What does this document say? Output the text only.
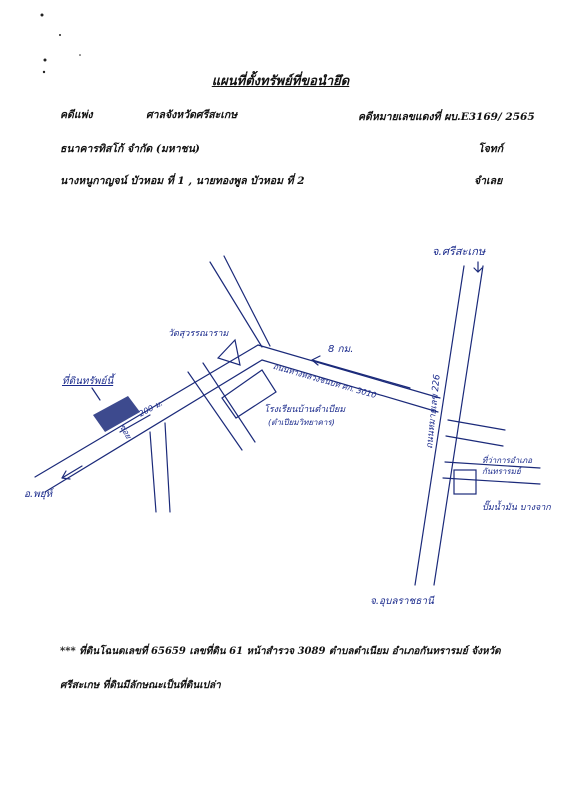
แผนที่ตั้งทรัพย์ที่ขอนำยึด
คดีแพ่ง	ศาลจังหวัดศรีสะเกษ	คดีหมายเลขแดงที่ ผบ.E3169/ 2565
ธนาคารทิสโก้ จำกัด (มหาชน)	โจทก์
นางหนูกาญจน์ บัวหอม ที่ 1 , นายทองพูล บัวหอม ที่ 2	จำเลย
จ.ศรีสะเกษ
วัดสุวรรณาราม
8 กม.
ถนนทางหลวงชนบท ศก. 3010
โรงเรียนบ้านตำเบียม
(ตำเปียมวิทยาคาร)
ที่ดินทรัพย์นี้
200 ม.
ซอย
อ.พยุห์
ถนนหมายเลข 226
ที่ว่าการอำเภอกันทรารมย์
ปั๊มน้ำมัน บางจาก
จ.อุบลราชธานี
*** ที่ดินโฉนดเลขที่ 65659 เลขที่ดิน 61 หน้าสำรวจ 3089 ตำบลตำเนียม อำเภอกันทรารมย์ จังหวัด
ศรีสะเกษ ที่ดินมีลักษณะเป็นที่ดินเปล่า
